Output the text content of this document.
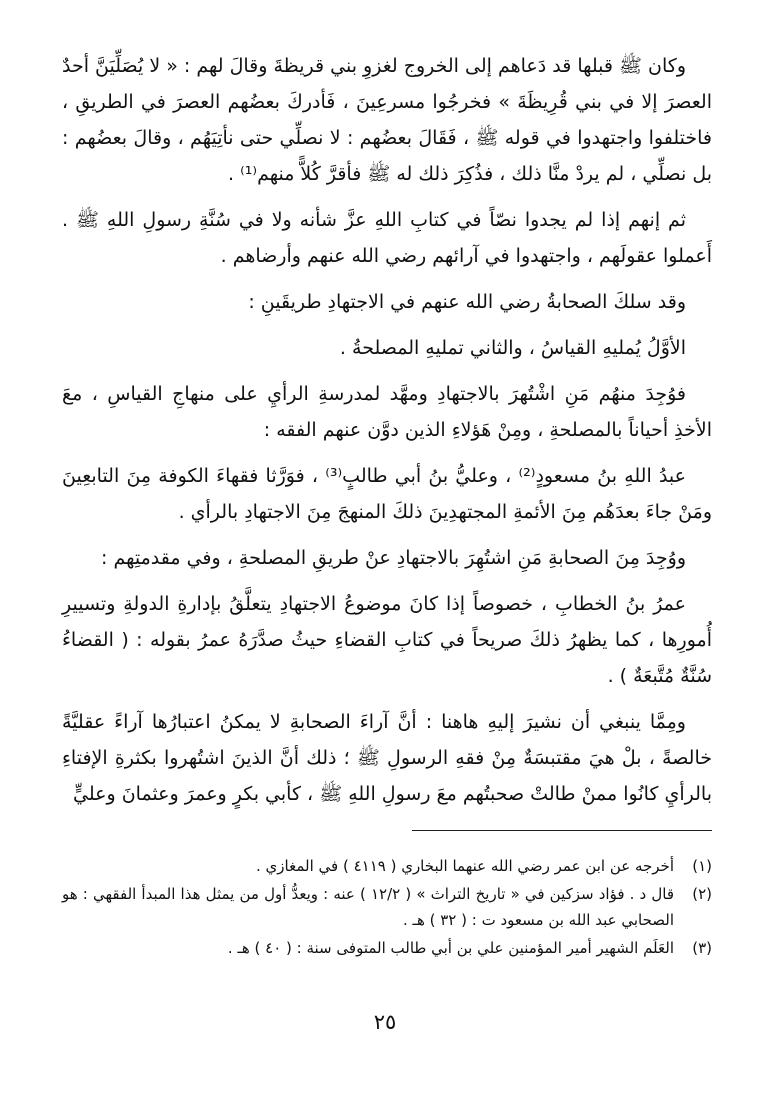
وكان ﷺ قبلها قد دَعاهم إلى الخروج لغزوِ بني قريظةَ وقالَ لهم : « لا يُصَلِّيَنَّ أحدٌ العصرَ إلا في بني قُرِيظَةَ » فخرجُوا مسرعِينَ ، فَأدركَ بعضُهم العصرَ في الطريقِ ، فاختلفوا واجتهدوا في قوله ﷺ ، فَقَالَ بعضُهم : لا نصلِّي حتى نأتِيَهُم ، وقالَ بعضُهم : بل نصلِّي ، لم يردْ منَّا ذلك ، فذُكِرَ ذلك له ﷺ فأقرَّ كُلاًّ منهم⁽¹⁾ .

ثم إنهم إذا لم يجدوا نصّاً في كتابِ اللهِ عزَّ شأنه ولا في سُنَّةِ رسولِ اللهِ ﷺ . أَعملوا عقولَهم ، واجتهدوا في آرائهم رضي الله عنهم وأرضاهم .

وقد سلكَ الصحابةُ رضي الله عنهم في الاجتهادِ طريقَينِ :

الأوَّلُ يُمليهِ القياسُ ، والثاني تمليهِ المصلحةُ .

فوُجِدَ منهُم مَنِ اشْتُهرَ بالاجتهادِ ومهَّد لمدرسةِ الرأيِ على منهاجِ القياسِ ، معَ الأخذِ أحياناً بالمصلحةِ ، ومِنْ هَؤلاءِ الذين دوَّن عنهم الفقه :

عبدُ اللهِ بنُ مسعودٍ⁽²⁾ ، وعليُّ بنُ أبي طالبٍ⁽³⁾ ، فوَرَّثا فقهاءَ الكوفة مِنَ التابعِينَ ومَنْ جاءَ بعدَهُم مِنَ الأئمةِ المجتهدِينَ ذلكَ المنهجَ مِنَ الاجتهادِ بالرأي .

ووُجِدَ مِنَ الصحابةِ مَنِ اشتُهِرَ بالاجتهادِ عنْ طريقِ المصلحةِ ، وفي مقدمتِهم :

عمرُ بنُ الخطابِ ، خصوصاً إذا كانَ موضوعُ الاجتهادِ يتعلَّقُ بإدارةِ الدولةِ وتسييرِ أُمورِها ، كما يظهرُ ذلكَ صريحاً في كتابِ القضاءِ حيثُ صدَّرَهُ عمرُ بقوله : ( القضاءُ سُنَّةٌ مُتَّبعَةٌ ) .

ومِمَّا ينبغي أن نشيرَ إليهِ هاهنا : أنَّ آراءَ الصحابةِ لا يمكنُ اعتبارُها آراءً عقليَّةً خالصةً ، بلْ هيَ مقتبسَةٌ مِنْ فقهِ الرسولِ ﷺ ؛ ذلك أنَّ الذينَ اشتُهروا بكثرةِ الإفتاءِ بالرأيِ كانُوا ممنْ طالتْ صحبتُهم معَ رسولِ اللهِ ﷺ ، كأبي بكرٍ وعمرَ وعثمانَ وعليٍّ

(١)
أخرجه عن ابن عمر رضي الله عنهما البخاري ( ٤١١٩ ) في المغازي .
(٢)
قال د . فؤاد سزكين في « تاريخ التراث » ( ١٢/٢ ) عنه : ويعدُّ أول من يمثل هذا المبدأ الفقهي : هو الصحابي عبد الله بن مسعود ت : ( ٣٢ ) هـ .
(٣)
العَلَم الشهير أمير المؤمنين علي بن أبي طالب المتوفى سنة : ( ٤٠ ) هـ .
٢٥
